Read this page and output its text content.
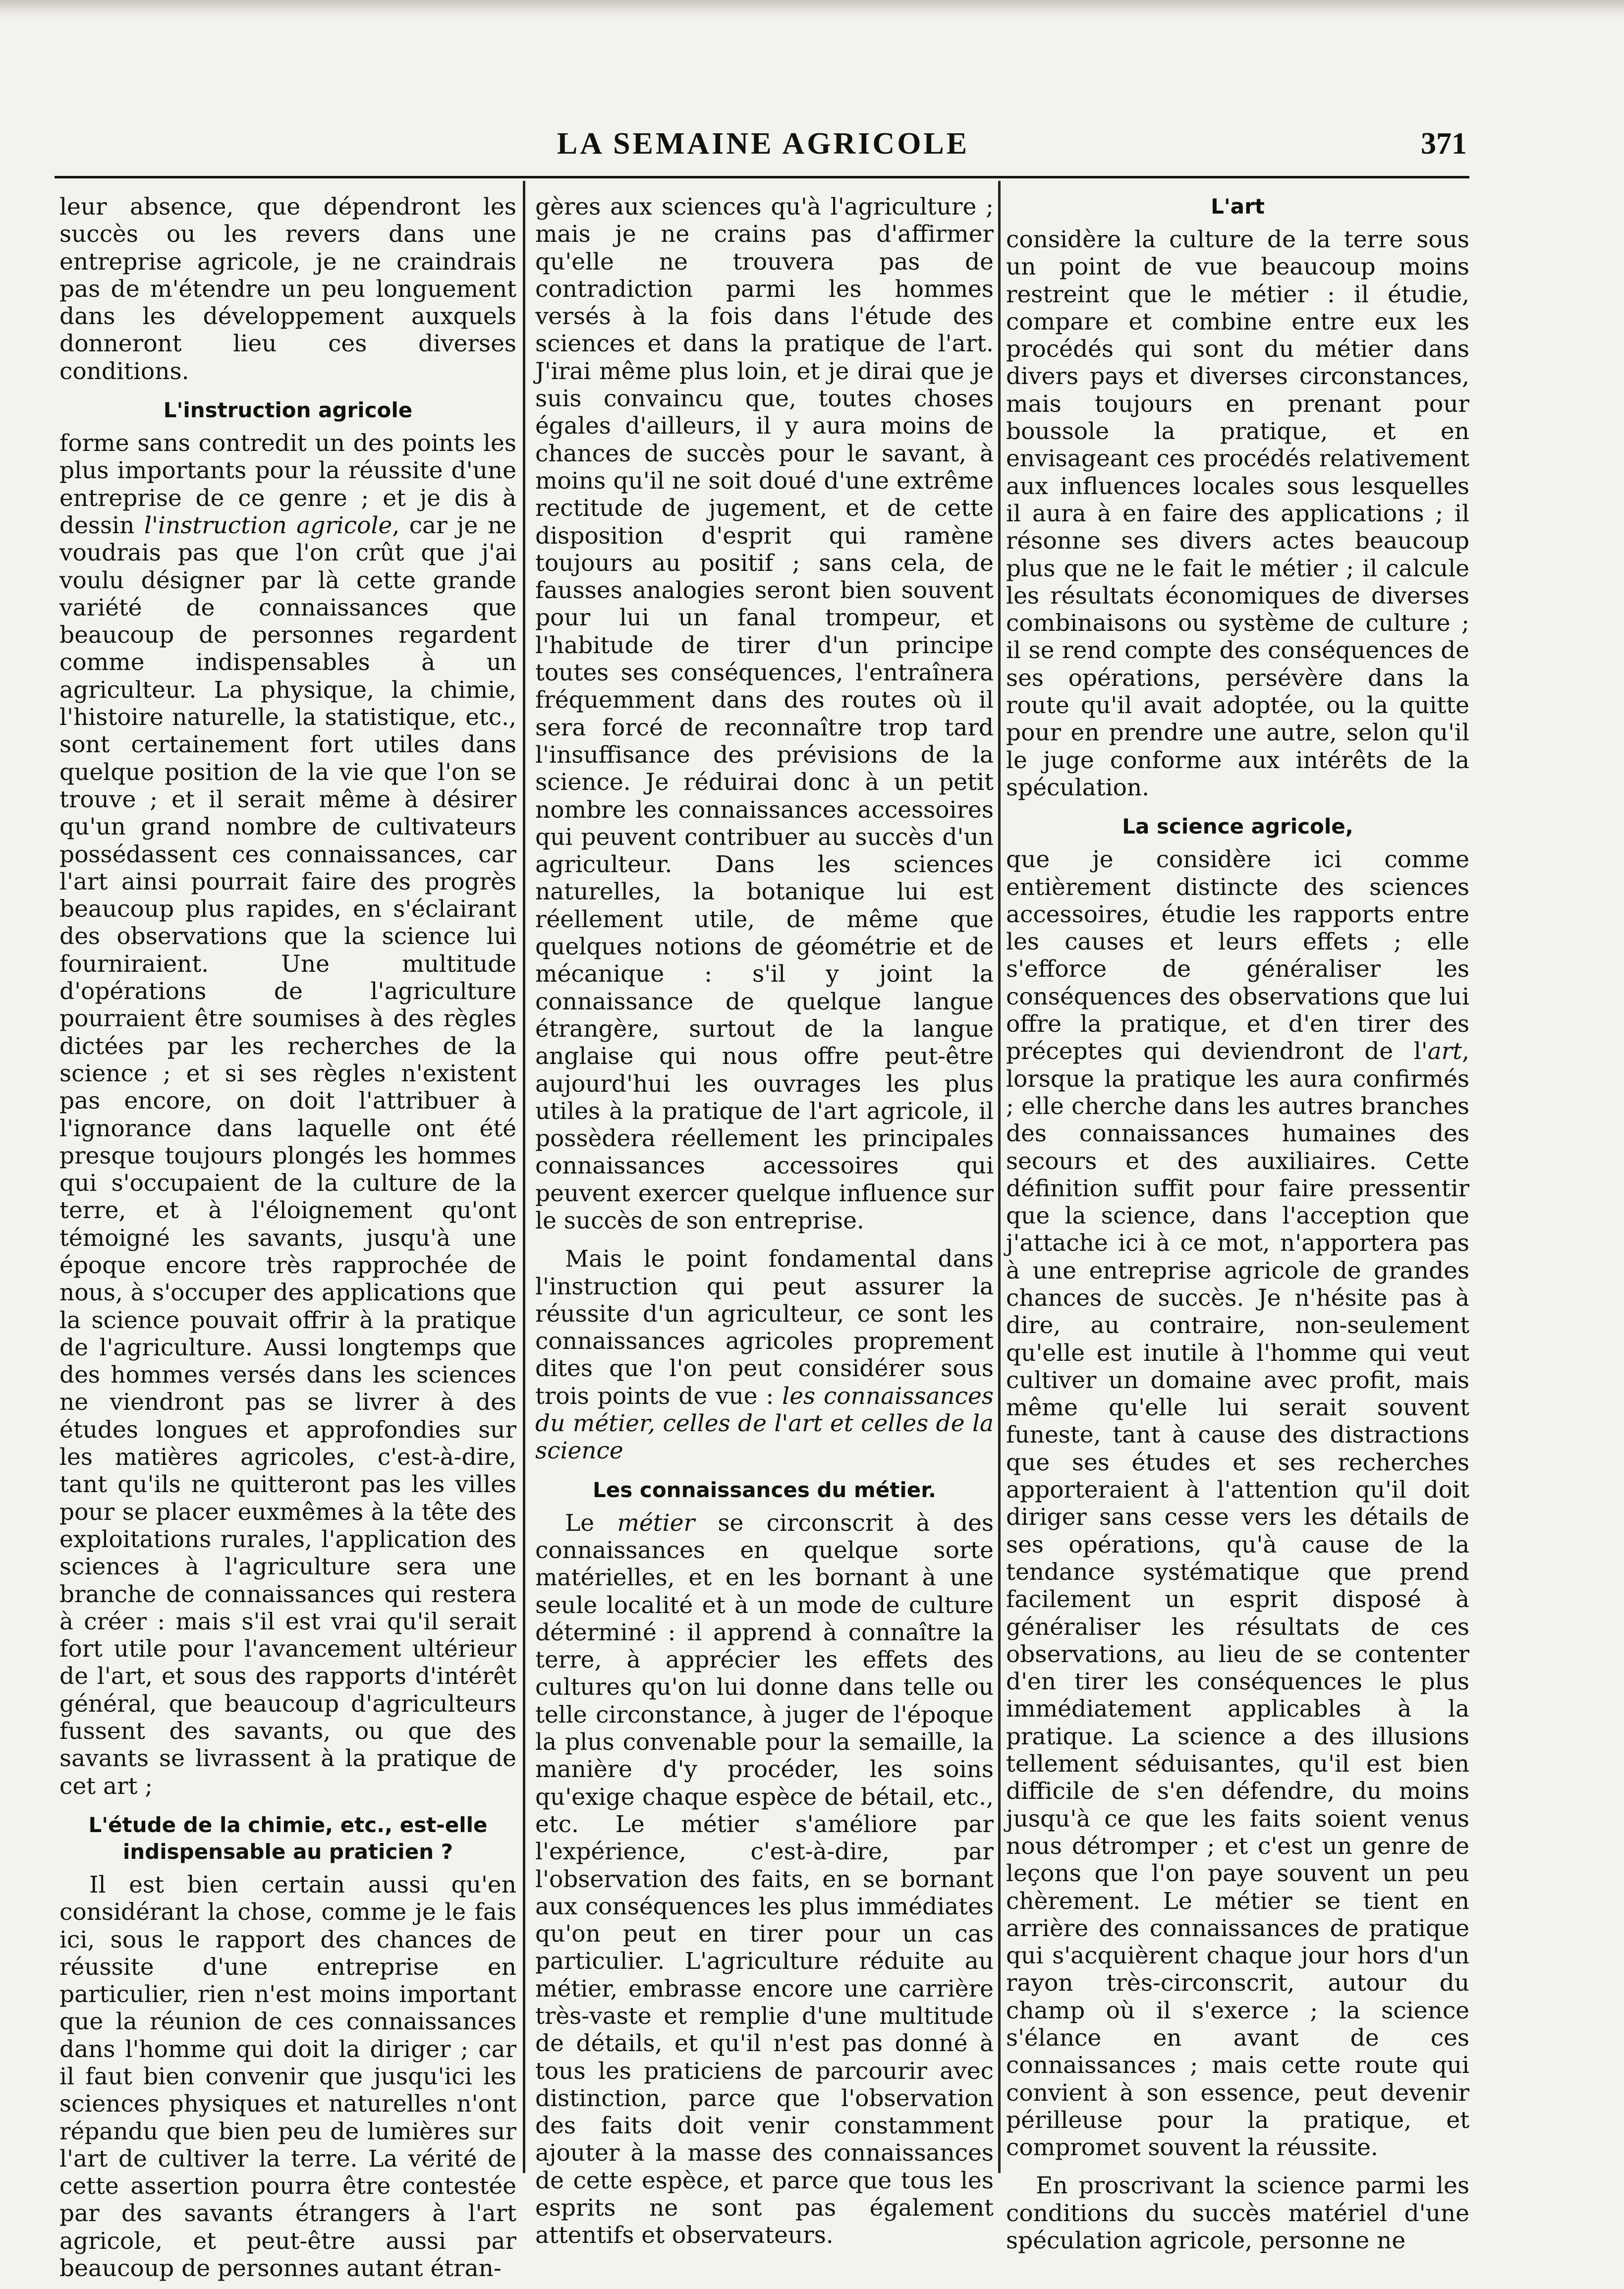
LA SEMAINE AGRICOLE	371

leur absence, que dépendront les succès ou les revers dans une entreprise agricole, je ne craindrais pas de m'étendre un peu longuement dans les développement auxquels donneront lieu ces diverses conditions.

L'instruction agricole

forme sans contredit un des points les plus importants pour la réussite d'une entreprise de ce genre ; et je dis à dessin l'instruction agricole, car je ne voudrais pas que l'on crût que j'ai voulu désigner par là cette grande variété de connaissances que beaucoup de personnes regardent comme indispensables à un agriculteur. La physique, la chimie, l'histoire naturelle, la statistique, etc., sont certainement fort utiles dans quelque position de la vie que l'on se trouve ; et il serait même à désirer qu'un grand nombre de cultivateurs possédassent ces connaissances, car l'art ainsi pourrait faire des progrès beaucoup plus rapides, en s'éclairant des observations que la science lui fourniraient. Une multitude d'opérations de l'agriculture pourraient être soumises à des règles dictées par les recherches de la science ; et si ses règles n'existent pas encore, on doit l'attribuer à l'ignorance dans laquelle ont été presque toujours plongés les hommes qui s'occupaient de la culture de la terre, et à l'éloignement qu'ont témoigné les savants, jusqu'à une époque encore très rapprochée de nous, à s'occuper des applications que la science pouvait offrir à la pratique de l'agriculture. Aussi longtemps que des hommes versés dans les sciences ne viendront pas se livrer à des études longues et approfondies sur les matières agricoles, c'est-à-dire, tant qu'ils ne quitteront pas les villes pour se placer euxmêmes à la tête des exploitations rurales, l'application des sciences à l'agriculture sera une branche de connaissances qui restera à créer : mais s'il est vrai qu'il serait fort utile pour l'avancement ultérieur de l'art, et sous des rapports d'intérêt général, que beaucoup d'agriculteurs fussent des savants, ou que des savants se livrassent à la pratique de cet art ;

L'étude de la chimie, etc., est-elle indispensable au praticien ?

Il est bien certain aussi qu'en considérant la chose, comme je le fais ici, sous le rapport des chances de réussite d'une entreprise en particulier, rien n'est moins important que la réunion de ces connaissances dans l'homme qui doit la diriger ; car il faut bien convenir que jusqu'ici les sciences physiques et naturelles n'ont répandu que bien peu de lumières sur l'art de cultiver la terre. La vérité de cette assertion pourra être contestée par des savants étrangers à l'art agricole, et peut-être aussi par beaucoup de personnes autant étran-

gères aux sciences qu'à l'agriculture ; mais je ne crains pas d'affirmer qu'elle ne trouvera pas de contradiction parmi les hommes versés à la fois dans l'étude des sciences et dans la pratique de l'art. J'irai même plus loin, et je dirai que je suis convaincu que, toutes choses égales d'ailleurs, il y aura moins de chances de succès pour le savant, à moins qu'il ne soit doué d'une extrême rectitude de jugement, et de cette disposition d'esprit qui ramène toujours au positif ; sans cela, de fausses analogies seront bien souvent pour lui un fanal trompeur, et l'habitude de tirer d'un principe toutes ses conséquences, l'entraînera fréquemment dans des routes où il sera forcé de reconnaître trop tard l'insuffisance des prévisions de la science. Je réduirai donc à un petit nombre les connaissances accessoires qui peuvent contribuer au succès d'un agriculteur. Dans les sciences naturelles, la botanique lui est réellement utile, de même que quelques notions de géométrie et de mécanique : s'il y joint la connaissance de quelque langue étrangère, surtout de la langue anglaise qui nous offre peut-être aujourd'hui les ouvrages les plus utiles à la pratique de l'art agricole, il possèdera réellement les principales connaissances accessoires qui peuvent exercer quelque influence sur le succès de son entreprise.

Mais le point fondamental dans l'instruction qui peut assurer la réussite d'un agriculteur, ce sont les connaissances agricoles proprement dites que l'on peut considérer sous trois points de vue : les connaissances du métier, celles de l'art et celles de la science

Les connaissances du métier.

Le métier se circonscrit à des connaissances en quelque sorte matérielles, et en les bornant à une seule localité et à un mode de culture déterminé : il apprend à connaître la terre, à apprécier les effets des cultures qu'on lui donne dans telle ou telle circonstance, à juger de l'époque la plus convenable pour la semaille, la manière d'y procéder, les soins qu'exige chaque espèce de bétail, etc., etc. Le métier s'améliore par l'expérience, c'est-à-dire, par l'observation des faits, en se bornant aux conséquences les plus immédiates qu'on peut en tirer pour un cas particulier. L'agriculture réduite au métier, embrasse encore une carrière très-vaste et remplie d'une multitude de détails, et qu'il n'est pas donné à tous les praticiens de parcourir avec distinction, parce que l'observation des faits doit venir constamment ajouter à la masse des connaissances de cette espèce, et parce que tous les esprits ne sont pas également attentifs et observateurs.

L'art

considère la culture de la terre sous un point de vue beaucoup moins restreint que le métier : il étudie, compare et combine entre eux les procédés qui sont du métier dans divers pays et diverses circonstances, mais toujours en prenant pour boussole la pratique, et en envisageant ces procédés relativement aux influences locales sous lesquelles il aura à en faire des applications ; il résonne ses divers actes beaucoup plus que ne le fait le métier ; il calcule les résultats économiques de diverses combinaisons ou système de culture ; il se rend compte des conséquences de ses opérations, persévère dans la route qu'il avait adoptée, ou la quitte pour en prendre une autre, selon qu'il le juge conforme aux intérêts de la spéculation.

La science agricole,

que je considère ici comme entièrement distincte des sciences accessoires, étudie les rapports entre les causes et leurs effets ; elle s'efforce de généraliser les conséquences des observations que lui offre la pratique, et d'en tirer des préceptes qui deviendront de l'art, lorsque la pratique les aura confirmés ; elle cherche dans les autres branches des connaissances humaines des secours et des auxiliaires. Cette définition suffit pour faire pressentir que la science, dans l'acception que j'attache ici à ce mot, n'apportera pas à une entreprise agricole de grandes chances de succès. Je n'hésite pas à dire, au contraire, non-seulement qu'elle est inutile à l'homme qui veut cultiver un domaine avec profit, mais même qu'elle lui serait souvent funeste, tant à cause des distractions que ses études et ses recherches apporteraient à l'attention qu'il doit diriger sans cesse vers les détails de ses opérations, qu'à cause de la tendance systématique que prend facilement un esprit disposé à généraliser les résultats de ces observations, au lieu de se contenter d'en tirer les conséquences le plus immédiatement applicables à la pratique. La science a des illusions tellement séduisantes, qu'il est bien difficile de s'en défendre, du moins jusqu'à ce que les faits soient venus nous détromper ; et c'est un genre de leçons que l'on paye souvent un peu chèrement. Le métier se tient en arrière des connaissances de pratique qui s'acquièrent chaque jour hors d'un rayon très-circonscrit, autour du champ où il s'exerce ; la science s'élance en avant de ces connaissances ; mais cette route qui convient à son essence, peut devenir périlleuse pour la pratique, et compromet souvent la réussite.

En proscrivant la science parmi les conditions du succès matériel d'une spéculation agricole, personne ne
